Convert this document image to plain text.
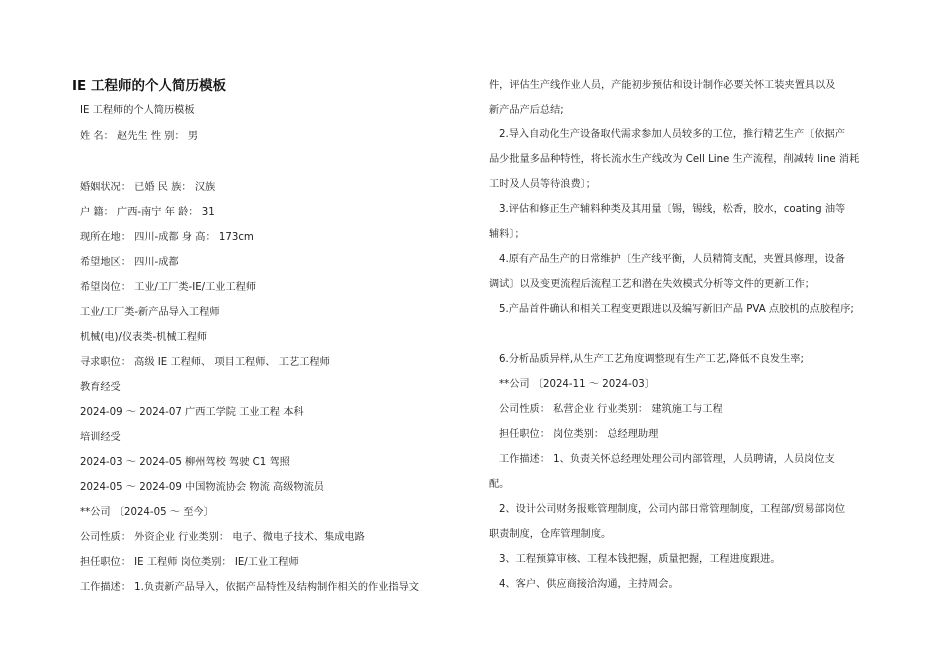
IE 工程师的个人简历模板
IE 工程师的个人简历模板
姓 名： 赵先生 性 别： 男
婚姻状况： 已婚 民 族： 汉族
户 籍： 广西-南宁 年 龄： 31
现所在地： 四川-成都 身 高： 173cm
希望地区： 四川-成都
希望岗位： 工业/工厂类-IE/工业工程师
工业/工厂类-新产品导入工程师
机械(电)/仪表类-机械工程师
寻求职位： 高级 IE 工程师、 项目工程师、 工艺工程师
教育经受
2024-09 ～ 2024-07 广西工学院 工业工程 本科
培训经受
2024-03 ～ 2024-05 柳州驾校 驾驶 C1 驾照
2024-05 ～ 2024-09 中国物流协会 物流 高级物流员
**公司 〔2024-05 ～ 至今〕
公司性质： 外资企业 行业类别： 电子、微电子技术、集成电路
担任职位： IE 工程师 岗位类别： IE/工业工程师
工作描述： 1.负责新产品导入，依据产品特性及结构制作相关的作业指导文
件，评估生产线作业人员，产能初步预估和设计制作必要关怀工装夹置具以及
新产品产后总结;
2.导入自动化生产设备取代需求参加人员较多的工位，推行精艺生产〔依据产
品少批量多品种特性，将长流水生产线改为 Cell Line 生产流程，削减转 line 消耗
工时及人员等待浪费〕；
3.评估和修正生产辅料种类及其用量〔锡，锡线，松香，胶水，coating 油等
辅料〕；
4.原有产品生产的日常维护〔生产线平衡，人员精简支配，夹置具修理，设备
调试〕以及变更流程后流程工艺和潜在失效模式分析等文件的更新工作；
5.产品首件确认和相关工程变更跟进以及编写新旧产品 PVA 点胶机的点胶程序;
6.分析品质异样,从生产工艺角度调整现有生产工艺,降低不良发生率;
**公司 〔2024-11 ～ 2024-03〕
公司性质： 私营企业 行业类别： 建筑施工与工程
担任职位： 岗位类别： 总经理助理
工作描述： 1、负责关怀总经理处理公司内部管理，人员聘请，人员岗位支
配。
2、设计公司财务报账管理制度，公司内部日常管理制度，工程部/贸易部岗位
职责制度，仓库管理制度。
3、工程预算审核、工程本钱把握，质量把握，工程进度跟进。
4、客户、供应商接洽沟通，主持周会。
